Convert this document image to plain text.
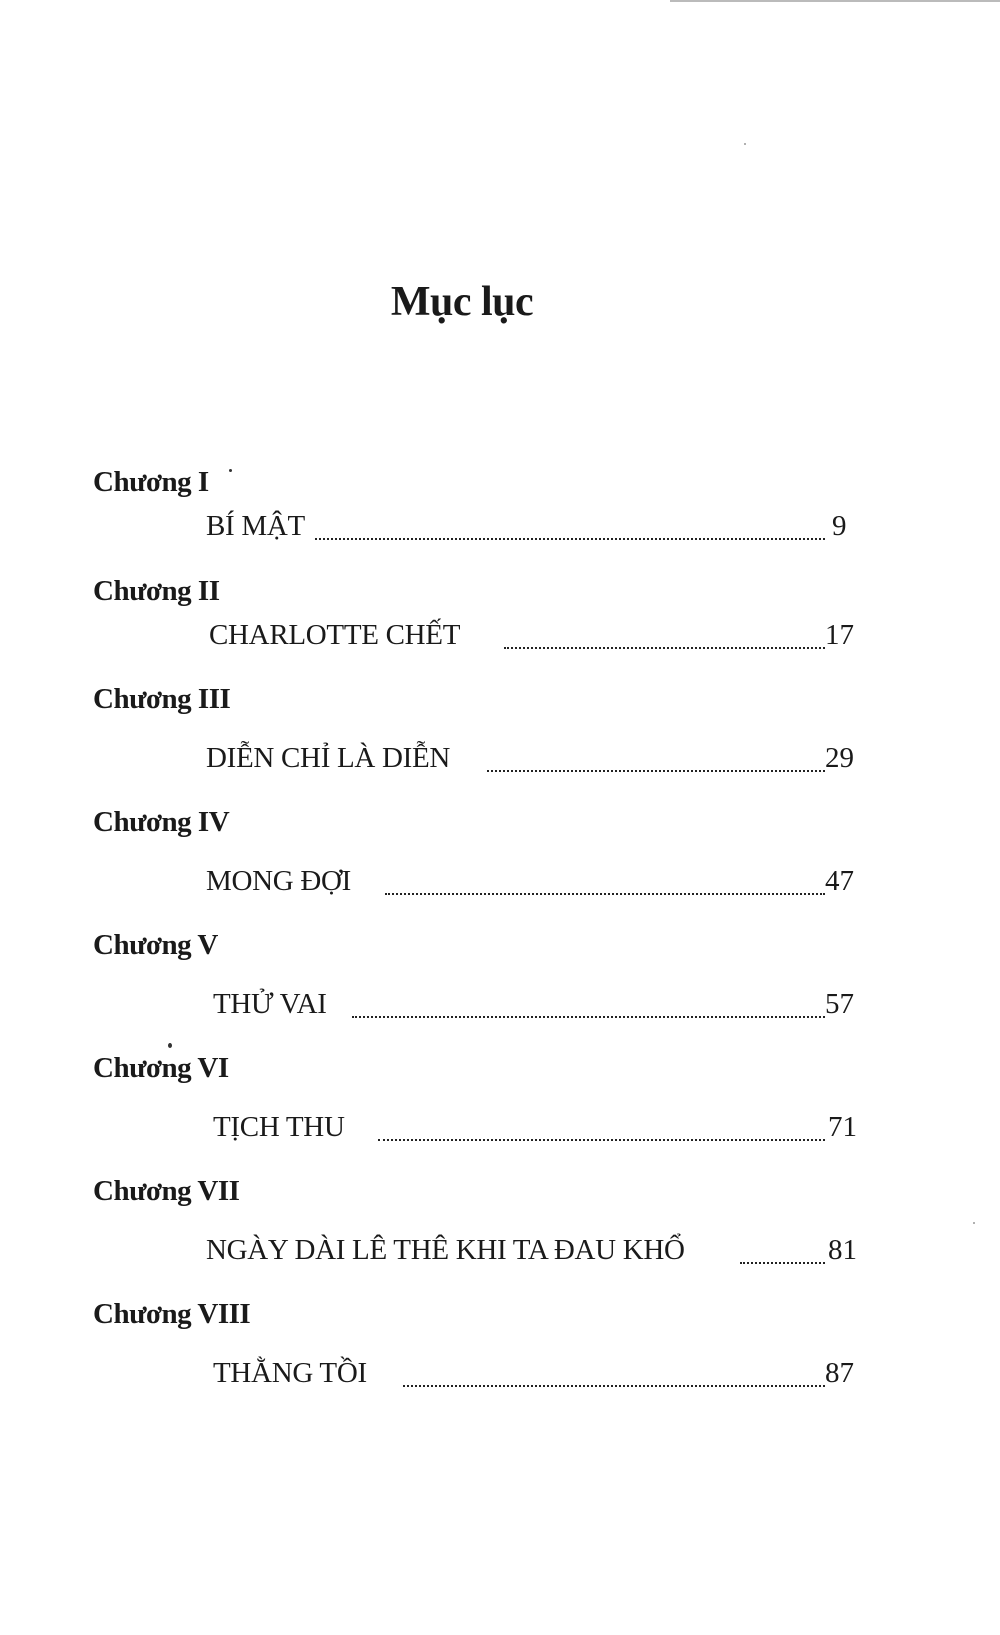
Mục lục
Chương I
BÍ MẬT	9
Chương II
CHARLOTTE CHẾT	17
Chương III
DIỄN CHỈ LÀ DIỄN	29
Chương IV
MONG ĐỢI	47
Chương V
THỬ VAI	57
Chương VI
TỊCH THU	71
Chương VII
NGÀY DÀI LÊ THÊ KHI TA ĐAU KHỔ	81
Chương VIII
THẰNG TỒI	87
